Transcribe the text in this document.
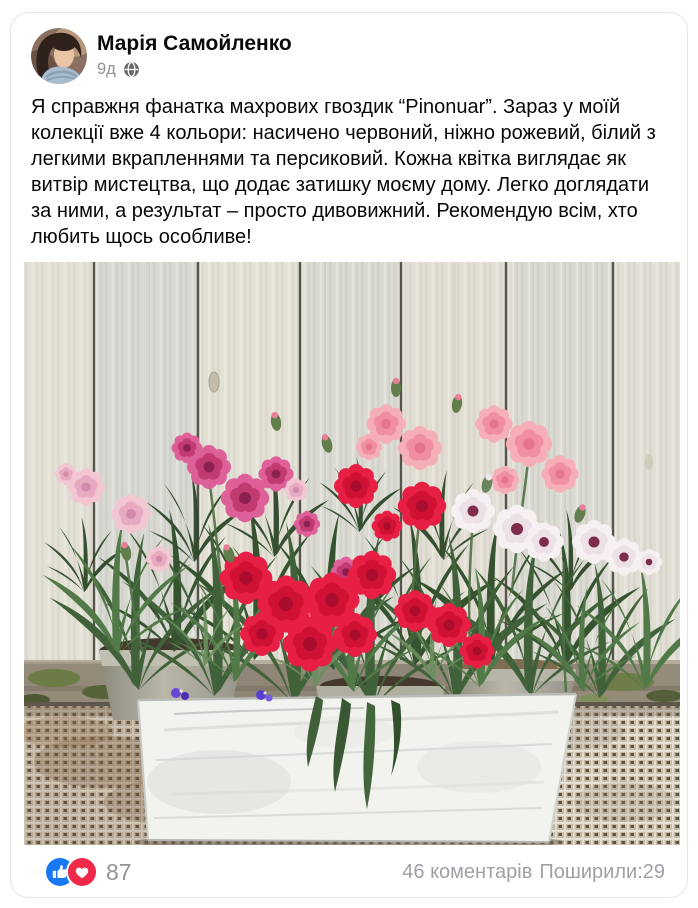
Марія Самойленко
9д
Я справжня фанатка махрових гвоздик “Pinonuar”. Зараз у моїй колекції вже 4 кольори: насичено червоний, ніжно рожевий, білий з легкими вкрапленнями та персиковий. Кожна квітка виглядає як витвір мистецтва, що додає затишку моєму дому. Легко доглядати за ними, а результат – просто дивовижний. Рекомендую всім, хто любить щось особливе!
87	46 коментарів Поширили:29
